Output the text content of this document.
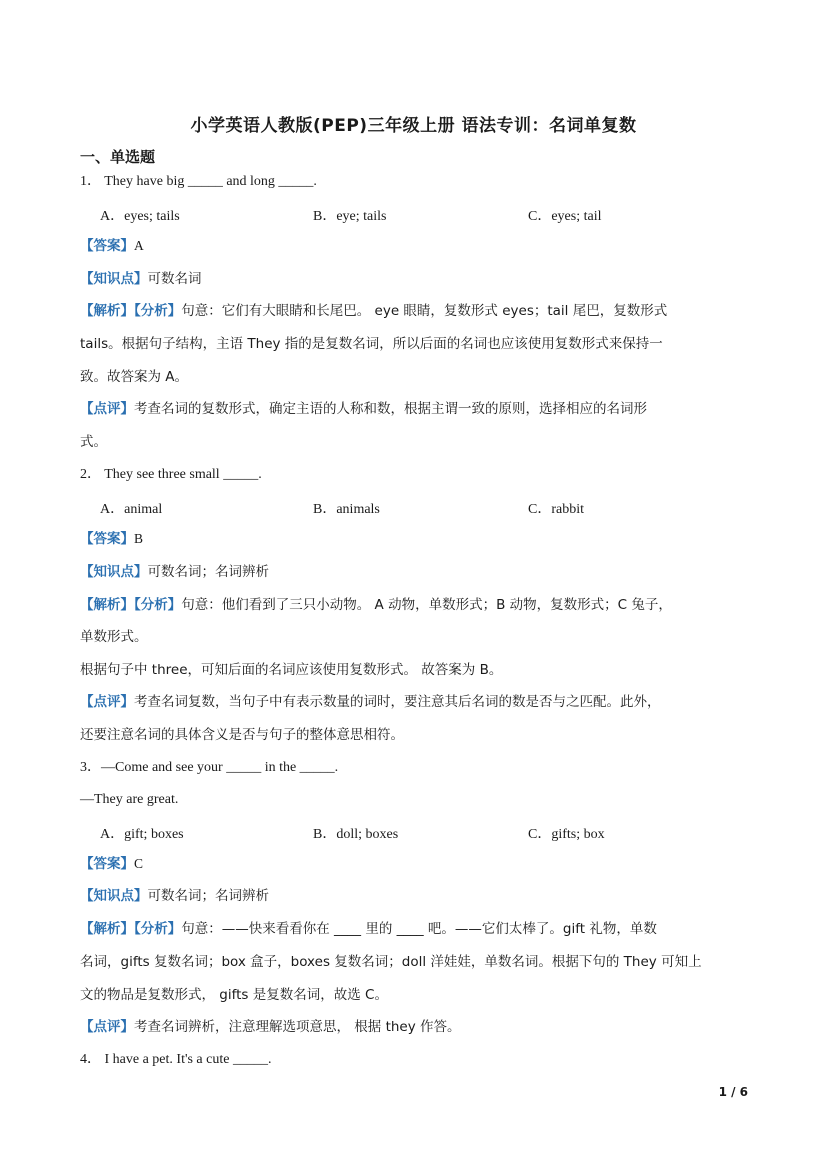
小学英语人教版(PEP)三年级上册 语法专训：名词单复数
一、单选题
1． They have big _____ and long _____.
A．eyes; tails	B．eye; tails	C．eyes; tail
【答案】A
【知识点】可数名词
【解析】【分析】句意：它们有大眼睛和长尾巴。 eye 眼睛，复数形式 eyes；tail 尾巴，复数形式
tails。根据句子结构，主语 They 指的是复数名词，所以后面的名词也应该使用复数形式来保持一
致。故答案为 A。
【点评】考查名词的复数形式，确定主语的人称和数，根据主谓一致的原则，选择相应的名词形
式。
2． They see three small _____.
A．animal	B．animals	C．rabbit
【答案】B
【知识点】可数名词；名词辨析
【解析】【分析】句意：他们看到了三只小动物。 A 动物，单数形式；B 动物，复数形式；C 兔子，
单数形式。
根据句子中 three，可知后面的名词应该使用复数形式。 故答案为 B。
【点评】考查名词复数，当句子中有表示数量的词时，要注意其后名词的数是否与之匹配。此外，
还要注意名词的具体含义是否与句子的整体意思相符。
3．—Come and see your _____ in the _____.
—They are great.
A．gift; boxes	B．doll; boxes	C．gifts; box
【答案】C
【知识点】可数名词；名词辨析
【解析】【分析】句意：——快来看看你在 ____ 里的 ____ 吧。——它们太棒了。gift 礼物，单数
名词，gifts 复数名词；box 盒子，boxes 复数名词；doll 洋娃娃，单数名词。根据下句的 They 可知上
文的物品是复数形式， gifts 是复数名词，故选 C。
【点评】考查名词辨析，注意理解选项意思， 根据 they 作答。
4． I have a pet. It's a cute _____.
1 / 6
